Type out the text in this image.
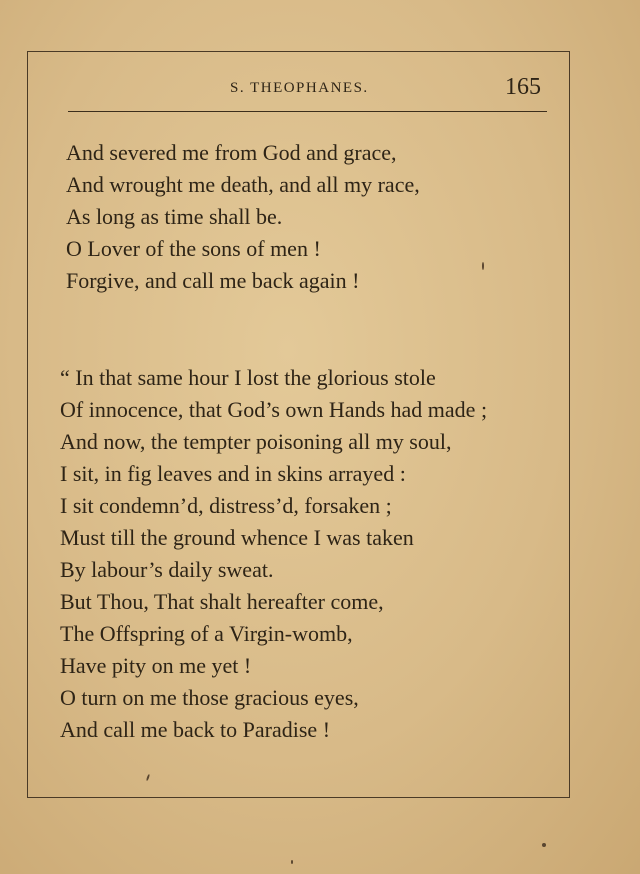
S. THEOPHANES.	165
And severed me from God and grace,
And wrought me death, and all my race,
As long as time shall be.
O Lover of the sons of men !
Forgive, and call me back again !
“ In that same hour I lost the glorious stole
Of innocence, that God’s own Hands had made ;
And now, the tempter poisoning all my soul,
I sit, in fig leaves and in skins arrayed :
I sit condemn’d, distress’d, forsaken ;
Must till the ground whence I was taken
By labour’s daily sweat.
But Thou, That shalt hereafter come,
The Offspring of a Virgin-womb,
Have pity on me yet !
O turn on me those gracious eyes,
And call me back to Paradise !
